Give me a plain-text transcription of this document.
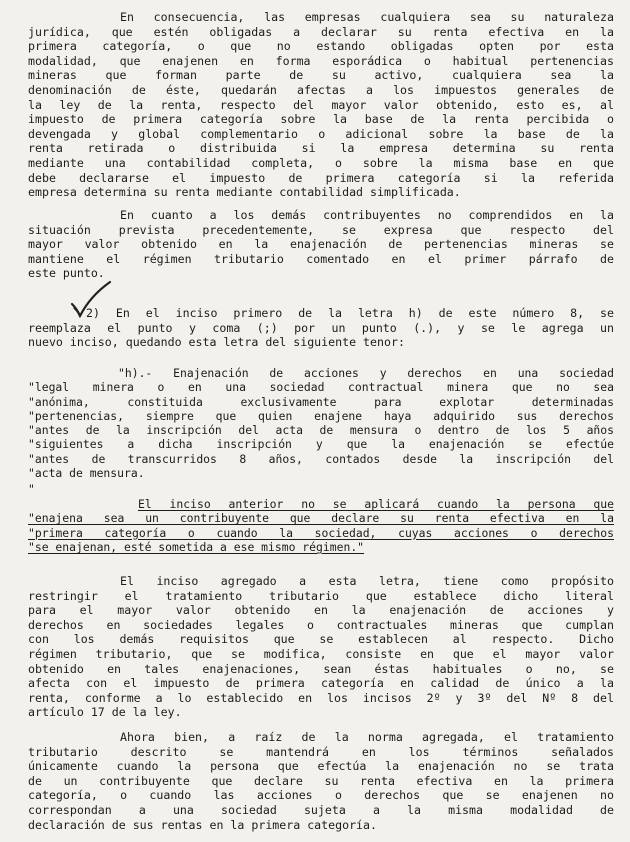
En consecuencia, las empresas cualquiera sea su naturaleza
jurídica, que estén obligadas a declarar su renta efectiva en la
primera categoría, o que no estando obligadas opten por esta
modalidad, que enajenen en forma esporádica o habitual pertenencias
mineras que forman parte de su activo, cualquiera sea la
denominación de éste, quedarán afectas a los impuestos generales de
la ley de la renta, respecto del mayor valor obtenido, esto es, al
impuesto de primera categoría sobre la base de la renta percibida o
devengada y global complementario o adicional sobre la base de la
renta retirada o distribuida si la empresa determina su renta
mediante una contabilidad completa, o sobre la misma base en que
debe declararse el impuesto de primera categoría si la referida
empresa determina su renta mediante contabilidad simplificada.
En cuanto a los demás contribuyentes no comprendidos en la
situación prevista precedentemente, se expresa que respecto del
mayor valor obtenido en la enajenación de pertenencias mineras se
mantiene el régimen tributario comentado en el primer párrafo de
este punto.
2) En el inciso primero de la letra h) de este número 8, se
reemplaza el punto y coma (;) por un punto (.), y se le agrega un
nuevo inciso, quedando esta letra del siguiente tenor:
"h).- Enajenación de acciones y derechos en una sociedad
"legal minera o en una sociedad contractual minera que no sea
"anónima, constituida exclusivamente para explotar determinadas
"pertenencias, siempre que quien enajene haya adquirido sus derechos
"antes de la inscripción del acta de mensura o dentro de los 5 años
"siguientes a dicha inscripción y que la enajenación se efectúe
"antes de transcurridos 8 años, contados desde la inscripción del
"acta de mensura.
"
El inciso anterior no se aplicará cuando la persona que
"enajena sea un contribuyente que declare su renta efectiva en la
"primera categoría o cuando la sociedad, cuyas acciones o derechos
"se enajenan, esté sometida a ese mismo régimen."
El inciso agregado a esta letra, tiene como propósito
restringir el tratamiento tributario que establece dicho literal
para el mayor valor obtenido en la enajenación de acciones y
derechos en sociedades legales o contractuales mineras que cumplan
con los demás requisitos que se establecen al respecto. Dicho
régimen tributario, que se modifica, consiste en que el mayor valor
obtenido en tales enajenaciones, sean éstas habituales o no, se
afecta con el impuesto de primera categoría en calidad de único a la
renta, conforme a lo establecido en los incisos 2º y 3º del Nº 8 del
artículo 17 de la ley.
Ahora bien, a raíz de la norma agregada, el tratamiento
tributario descrito se mantendrá en los términos señalados
únicamente cuando la persona que efectúa la enajenación no se trata
de un contribuyente que declare su renta efectiva en la primera
categoría, o cuando las acciones o derechos que se enajenen no
correspondan a una sociedad sujeta a la misma modalidad de
declaración de sus rentas en la primera categoría.
